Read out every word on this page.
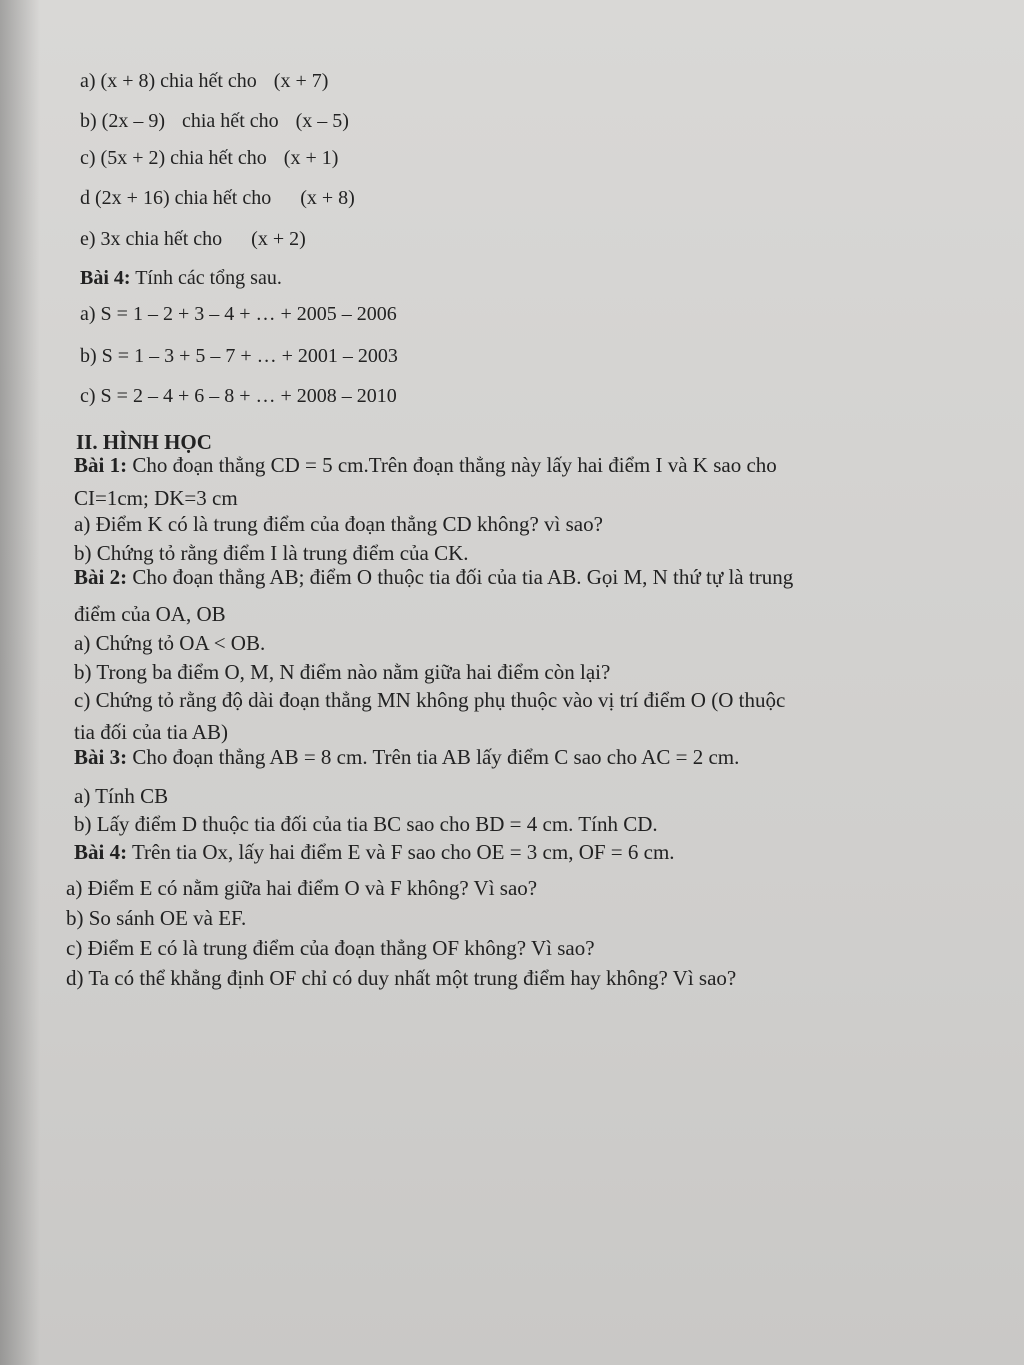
a) (x + 8) chia hết cho (x + 7)
b) (2x – 9) chia hết cho (x – 5)
c) (5x + 2) chia hết cho (x + 1)
d (2x + 16) chia hết cho (x + 8)
e) 3x chia hết cho (x + 2)
Bài 4: Tính các tổng sau.
a) S = 1 – 2 + 3 – 4 + … + 2005 – 2006
b) S = 1 – 3 + 5 – 7 + … + 2001 – 2003
c) S = 2 – 4 + 6 – 8 + … + 2008 – 2010
II. HÌNH HỌC
Bài 1: Cho đoạn thẳng CD = 5 cm.Trên đoạn thẳng này lấy hai điểm I và K sao cho
CI=1cm; DK=3 cm
a) Điểm K có là trung điểm của đoạn thẳng CD không? vì sao?
b) Chứng tỏ rằng điểm I là trung điểm của CK.
Bài 2: Cho đoạn thẳng AB; điểm O thuộc tia đối của tia AB. Gọi M, N thứ tự là trung
điểm của OA, OB
a) Chứng tỏ OA < OB.
b) Trong ba điểm O, M, N điểm nào nằm giữa hai điểm còn lại?
c) Chứng tỏ rằng độ dài đoạn thẳng MN không phụ thuộc vào vị trí điểm O (O thuộc
tia đối của tia AB)
Bài 3: Cho đoạn thẳng AB = 8 cm. Trên tia AB lấy điểm C sao cho AC = 2 cm.
a) Tính CB
b) Lấy điểm D thuộc tia đối của tia BC sao cho BD = 4 cm. Tính CD.
Bài 4: Trên tia Ox, lấy hai điểm E và F sao cho OE = 3 cm, OF = 6 cm.
a) Điểm E có nằm giữa hai điểm O và F không? Vì sao?
b) So sánh OE và EF.
c) Điểm E có là trung điểm của đoạn thẳng OF không? Vì sao?
d) Ta có thể khẳng định OF chỉ có duy nhất một trung điểm hay không? Vì sao?
